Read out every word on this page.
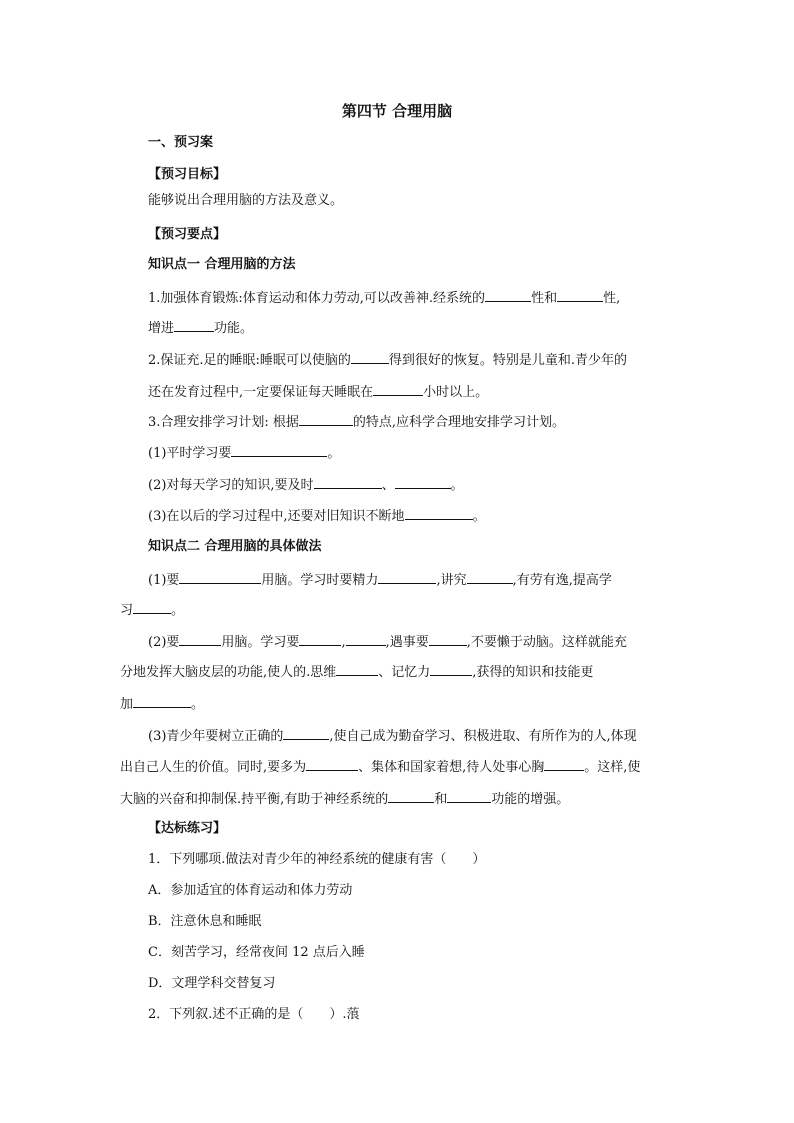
第四节 合理用脑
一、预习案
【预习目标】
能够说出合理用脑的方法及意义。
【预习要点】
知识点一 合理用脑的方法
1.加强体育锻炼:体育运动和体力劳动,可以改善神.经系统的	性和	性,
增进	功能。
2.保证充.足的睡眠:睡眠可以使脑的	得到很好的恢复。特别是儿童和.青少年的
还在发育过程中,一定要保证每天睡眠在	小时以上。
3.合理安排学习计划: 根据	的特点,应科学合理地安排学习计划。
(1)平时学习要	。
(2)对每天学习的知识,要及时	、	。
(3)在以后的学习过程中,还要对旧知识不断地	。
知识点二 合理用脑的具体做法
(1)要	用脑。学习时要精力	,讲究	,有劳有逸,提高学
习	。
(2)要	用脑。学习要	,	,遇事要	,不要懒于动脑。这样就能充
分地发挥大脑皮层的功能,使人的.思维	、记忆力	,获得的知识和技能更
加	。
(3)青少年要树立正确的	,使自己成为勤奋学习、积极进取、有所作为的人,体现
出自己人生的价值。同时,要多为	、集体和国家着想,待人处事心胸	。这样,使
大脑的兴奋和抑制保.持平衡,有助于神经系统的	和	功能的增强。
【达标练习】
1．下列哪项.做法对青少年的神经系统的健康有害（　　）
A．参加适宜的体育运动和体力劳动
B．注意休息和睡眠
C．刻苦学习，经常夜间 12 点后入睡
D．文理学科交替复习
2．下列叙.述不正确的是（　　）.蒗
